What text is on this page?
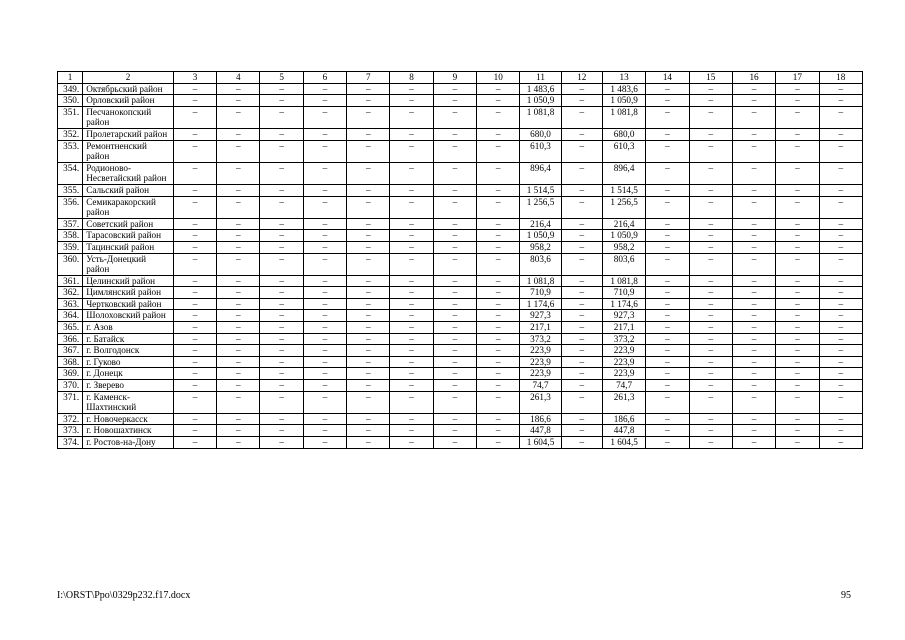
1	2	3	4	5	6	7	8	9	10	11	12	13	14	15	16	17	18
349.	Октябрьский район	–	–	–	–	–	–	–	–	1 483,6	–	1 483,6	–	–	–	–	–
350.	Орловский район	–	–	–	–	–	–	–	–	1 050,9	–	1 050,9	–	–	–	–	–
351.	Песчанокопский район	–	–	–	–	–	–	–	–	1 081,8	–	1 081,8	–	–	–	–	–
352.	Пролетарский район	–	–	–	–	–	–	–	–	680,0	–	680,0	–	–	–	–	–
353.	Ремонтненский район	–	–	–	–	–	–	–	–	610,3	–	610,3	–	–	–	–	–
354.	Родионово-Несветайский район	–	–	–	–	–	–	–	–	896,4	–	896,4	–	–	–	–	–
355.	Сальский район	–	–	–	–	–	–	–	–	1 514,5	–	1 514,5	–	–	–	–	–
356.	Семикаракорский район	–	–	–	–	–	–	–	–	1 256,5	–	1 256,5	–	–	–	–	–
357.	Советский район	–	–	–	–	–	–	–	–	216,4	–	216,4	–	–	–	–	–
358.	Тарасовский район	–	–	–	–	–	–	–	–	1 050,9	–	1 050,9	–	–	–	–	–
359.	Тацинский район	–	–	–	–	–	–	–	–	958,2	–	958,2	–	–	–	–	–
360.	Усть-Донецкий район	–	–	–	–	–	–	–	–	803,6	–	803,6	–	–	–	–	–
361.	Целинский район	–	–	–	–	–	–	–	–	1 081,8	–	1 081,8	–	–	–	–	–
362.	Цимлянский район	–	–	–	–	–	–	–	–	710,9	–	710,9	–	–	–	–	–
363.	Чертковский район	–	–	–	–	–	–	–	–	1 174,6	–	1 174,6	–	–	–	–	–
364.	Шолоховский район	–	–	–	–	–	–	–	–	927,3	–	927,3	–	–	–	–	–
365.	г. Азов	–	–	–	–	–	–	–	–	217,1	–	217,1	–	–	–	–	–
366.	г. Батайск	–	–	–	–	–	–	–	–	373,2	–	373,2	–	–	–	–	–
367.	г. Волгодонск	–	–	–	–	–	–	–	–	223,9	–	223,9	–	–	–	–	–
368.	г. Гуково	–	–	–	–	–	–	–	–	223,9	–	223,9	–	–	–	–	–
369.	г. Донецк	–	–	–	–	–	–	–	–	223,9	–	223,9	–	–	–	–	–
370.	г. Зверево	–	–	–	–	–	–	–	–	74,7	–	74,7	–	–	–	–	–
371.	г. Каменск-Шахтинский	–	–	–	–	–	–	–	–	261,3	–	261,3	–	–	–	–	–
372.	г. Новочеркасск	–	–	–	–	–	–	–	–	186,6	–	186,6	–	–	–	–	–
373.	г. Новошахтинск	–	–	–	–	–	–	–	–	447,8	–	447,8	–	–	–	–	–
374.	г. Ростов-на-Дону	–	–	–	–	–	–	–	–	1 604,5	–	1 604,5	–	–	–	–	–
I:\ORST\Ppo\0329p232.f17.docx	95
